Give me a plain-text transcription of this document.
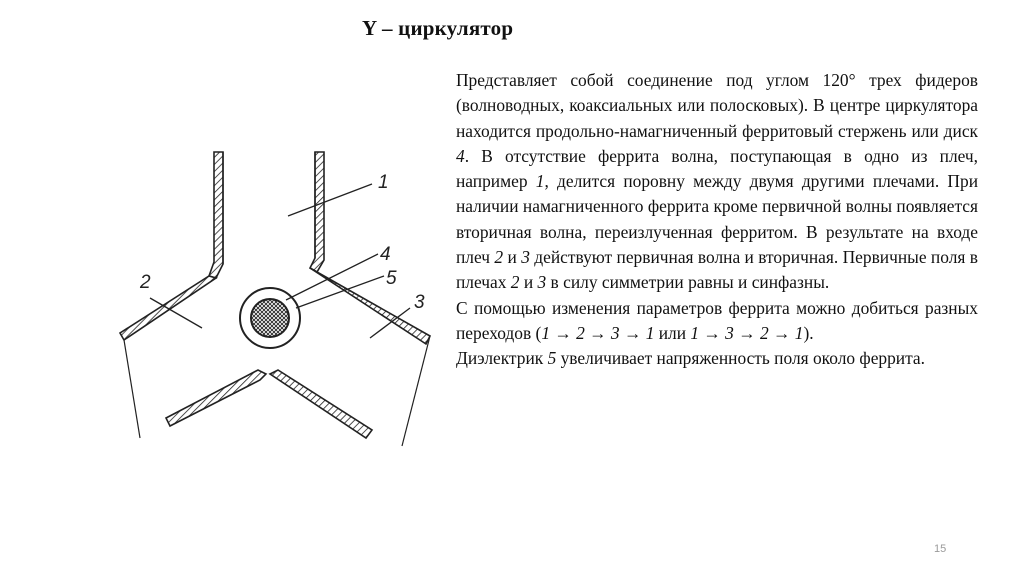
Y – циркулятор
1
4
5
2
3

Представляет собой соединение под углом 120° трех фидеров (волноводных, коаксиальных или полосковых). В центре циркулятора находится продольно-намагниченный ферритовый стержень или диск 4. В отсутствие феррита волна, поступающая в одно из плеч, например 1, делится поровну между двумя другими плечами. При наличии намагниченного феррита кроме первичной волны появляется вторичная волна, переизлученная ферритом. В результате на входе плеч 2 и 3 действуют первичная волна и вторичная. Первичные поля в плечах 2 и 3 в силу симметрии равны и синфазны.

С помощью изменения параметров феррита можно добиться разных переходов (1 → 2 → 3 → 1 или 1 → 3 → 2 → 1).

Диэлектрик 5 увеличивает напряженность поля около феррита.

15
